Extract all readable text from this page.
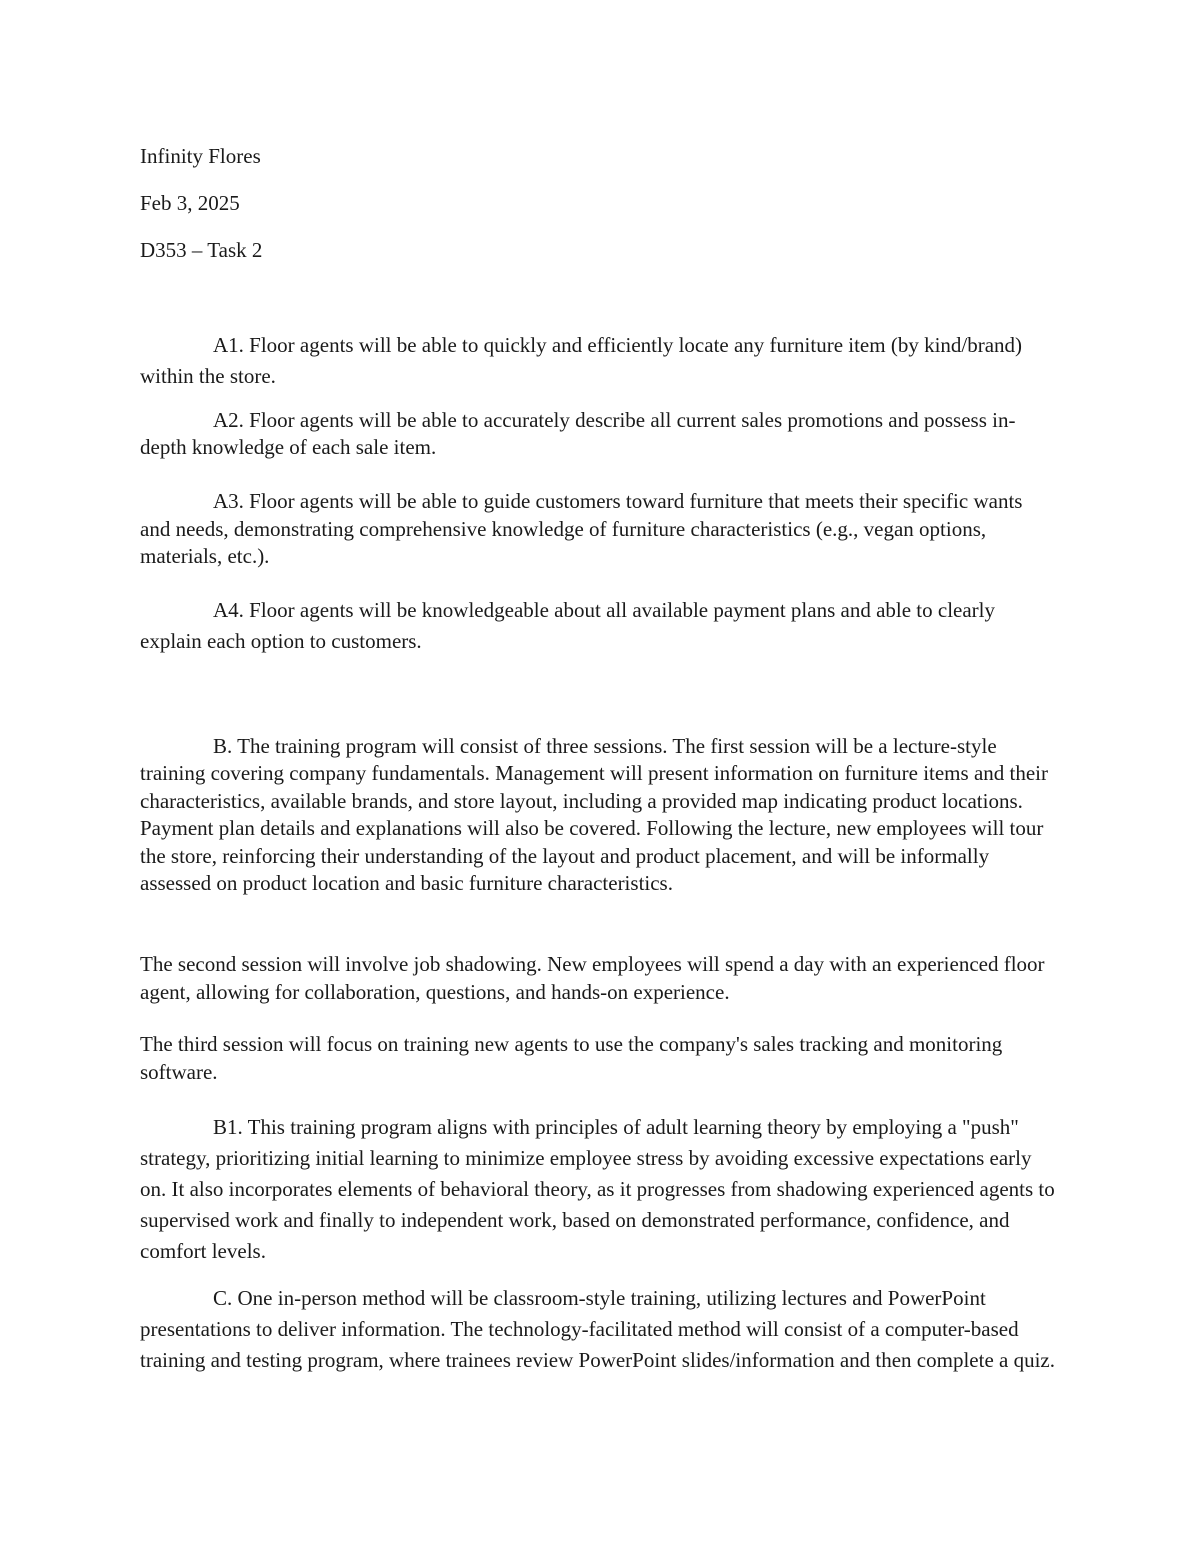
Infinity Flores

Feb 3, 2025

D353 – Task 2

A1. Floor agents will be able to quickly and efficiently locate any furniture item (by kind/brand) within the store.

A2. Floor agents will be able to accurately describe all current sales promotions and possess in-depth knowledge of each sale item.

A3. Floor agents will be able to guide customers toward furniture that meets their specific wants and needs, demonstrating comprehensive knowledge of furniture characteristics (e.g., vegan options, materials, etc.).

A4. Floor agents will be knowledgeable about all available payment plans and able to clearly explain each option to customers.

B. The training program will consist of three sessions. The first session will be a lecture-style training covering company fundamentals. Management will present information on furniture items and their characteristics, available brands, and store layout, including a provided map indicating product locations. Payment plan details and explanations will also be covered. Following the lecture, new employees will tour the store, reinforcing their understanding of the layout and product placement, and will be informally assessed on product location and basic furniture characteristics.

The second session will involve job shadowing. New employees will spend a day with an experienced floor agent, allowing for collaboration, questions, and hands-on experience.

The third session will focus on training new agents to use the company's sales tracking and monitoring software.

B1. This training program aligns with principles of adult learning theory by employing a "push" strategy, prioritizing initial learning to minimize employee stress by avoiding excessive expectations early on. It also incorporates elements of behavioral theory, as it progresses from shadowing experienced agents to supervised work and finally to independent work, based on demonstrated performance, confidence, and comfort levels.

C. One in-person method will be classroom-style training, utilizing lectures and PowerPoint presentations to deliver information. The technology-facilitated method will consist of a computer-based training and testing program, where trainees review PowerPoint slides/information and then complete a quiz.
